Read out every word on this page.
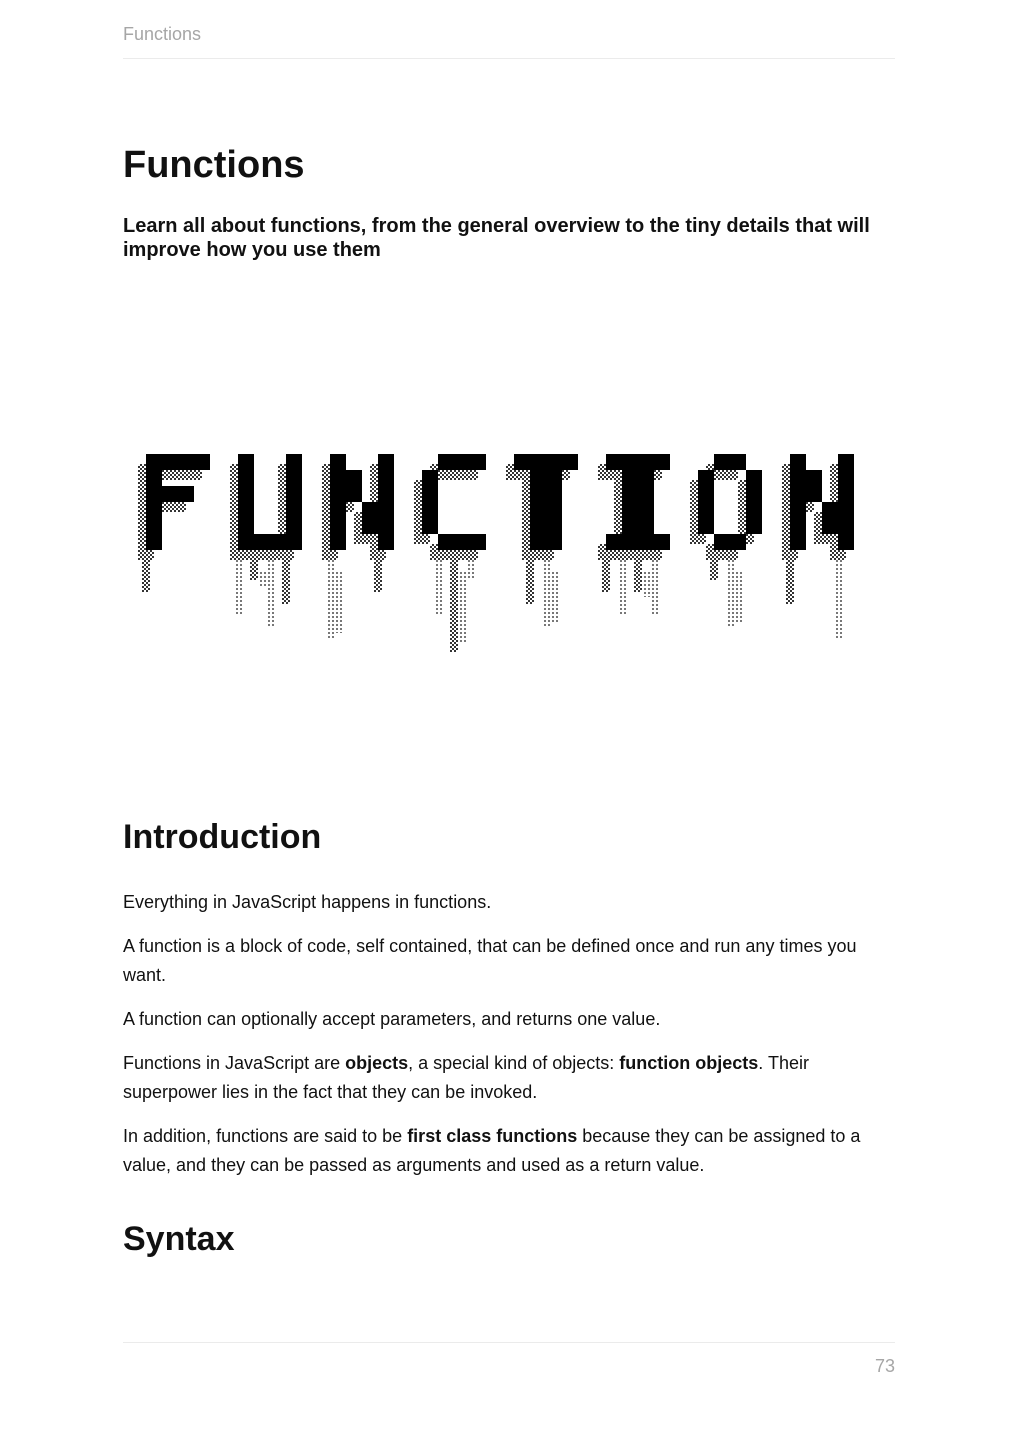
Functions
Functions

Learn all about functions, from the general overview to the tiny details that will improve how you use them

Introduction

Everything in JavaScript happens in functions.

A function is a block of code, self contained, that can be defined once and run any times you want.

A function can optionally accept parameters, and returns one value.

Functions in JavaScript are objects, a special kind of objects: function objects. Their superpower lies in the fact that they can be invoked.

In addition, functions are said to be first class functions because they can be assigned to a value, and they can be passed as arguments and used as a return value.

Syntax
73
